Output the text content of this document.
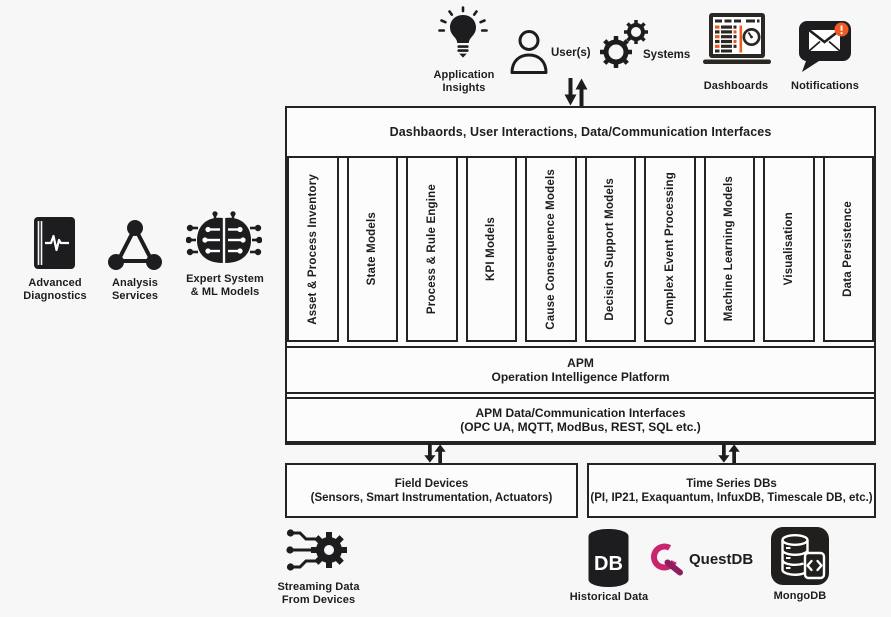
Application
Insights
User(s)	Systems
Dashboards	Notifications
Advanced
Diagnostics
Analysis
Services
Expert System
& ML Models
Dashbaords, User Interactions, Data/Communication Interfaces
Asset & Process Inventory	State Models	Process & Rule Engine	KPI Models	Cause Consequence Models	Decision Support Models	Complex Event Processing	Machine Learning Models	Visualisation	Data Persistence
APM
Operation Intelligence Platform
APM Data/Communication Interfaces
(OPC UA, MQTT, ModBus, REST, SQL etc.)
Field Devices
(Sensors, Smart Instrumentation, Actuators)
Time Series DBs
(PI, IP21, Exaquantum, InfuxDB, Timescale DB, etc.)
Streaming Data
From Devices
DB
Historical Data
QuestDB
MongoDB
